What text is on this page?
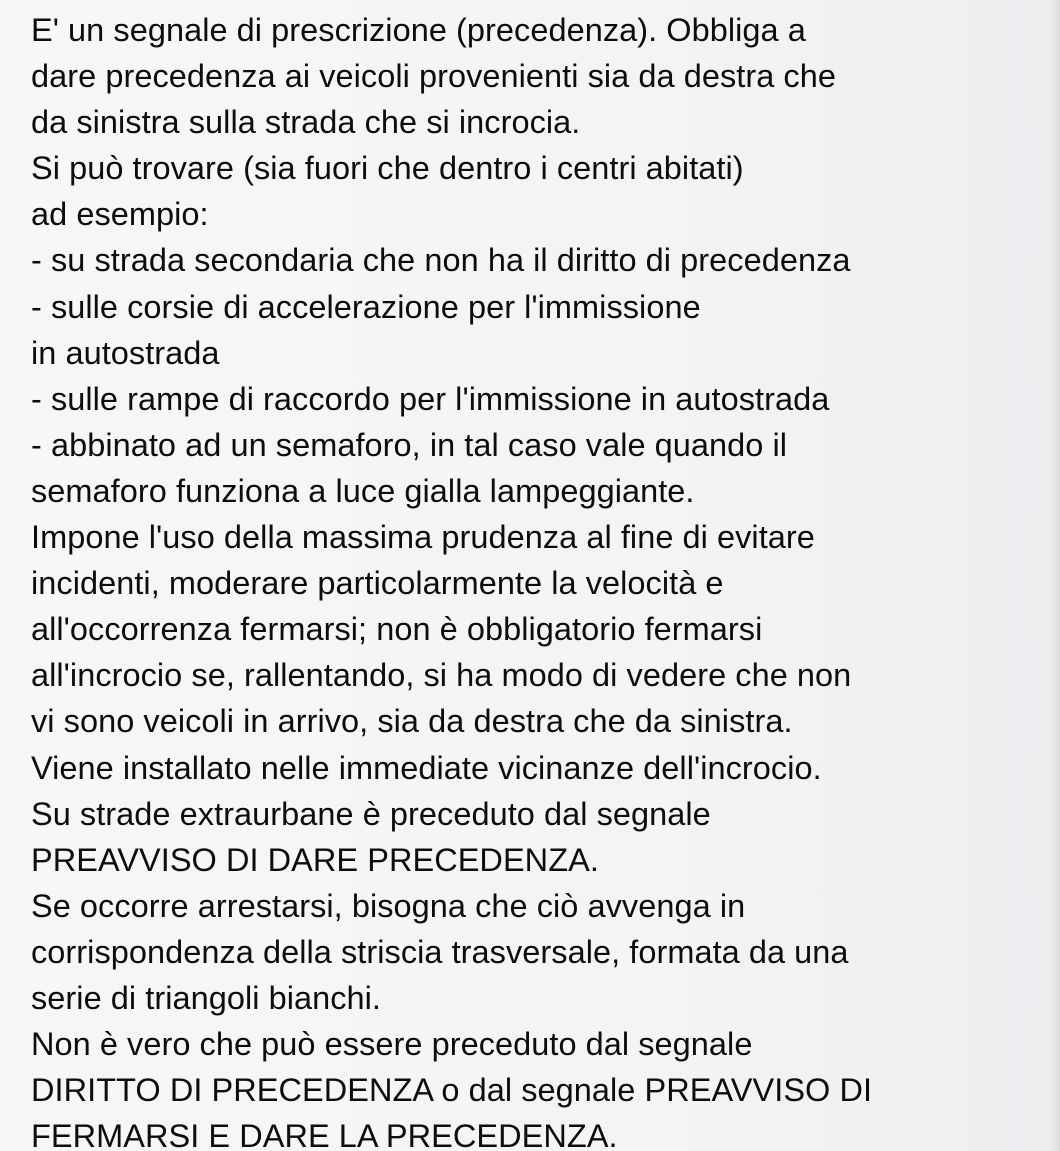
E' un segnale di prescrizione (precedenza). Obbliga a
dare precedenza ai veicoli provenienti sia da destra che
da sinistra sulla strada che si incrocia.
Si può trovare (sia fuori che dentro i centri abitati)
ad esempio:
- su strada secondaria che non ha il diritto di precedenza
- sulle corsie di accelerazione per l'immissione
in autostrada
- sulle rampe di raccordo per l'immissione in autostrada
- abbinato ad un semaforo, in tal caso vale quando il
semaforo funziona a luce gialla lampeggiante.
Impone l'uso della massima prudenza al fine di evitare
incidenti, moderare particolarmente la velocità e
all'occorrenza fermarsi; non è obbligatorio fermarsi
all'incrocio se, rallentando, si ha modo di vedere che non
vi sono veicoli in arrivo, sia da destra che da sinistra.
Viene installato nelle immediate vicinanze dell'incrocio.
Su strade extraurbane è preceduto dal segnale
PREAVVISO DI DARE PRECEDENZA.
Se occorre arrestarsi, bisogna che ciò avvenga in
corrispondenza della striscia trasversale, formata da una
serie di triangoli bianchi.
Non è vero che può essere preceduto dal segnale
DIRITTO DI PRECEDENZA o dal segnale PREAVVISO DI
FERMARSI E DARE LA PRECEDENZA.
